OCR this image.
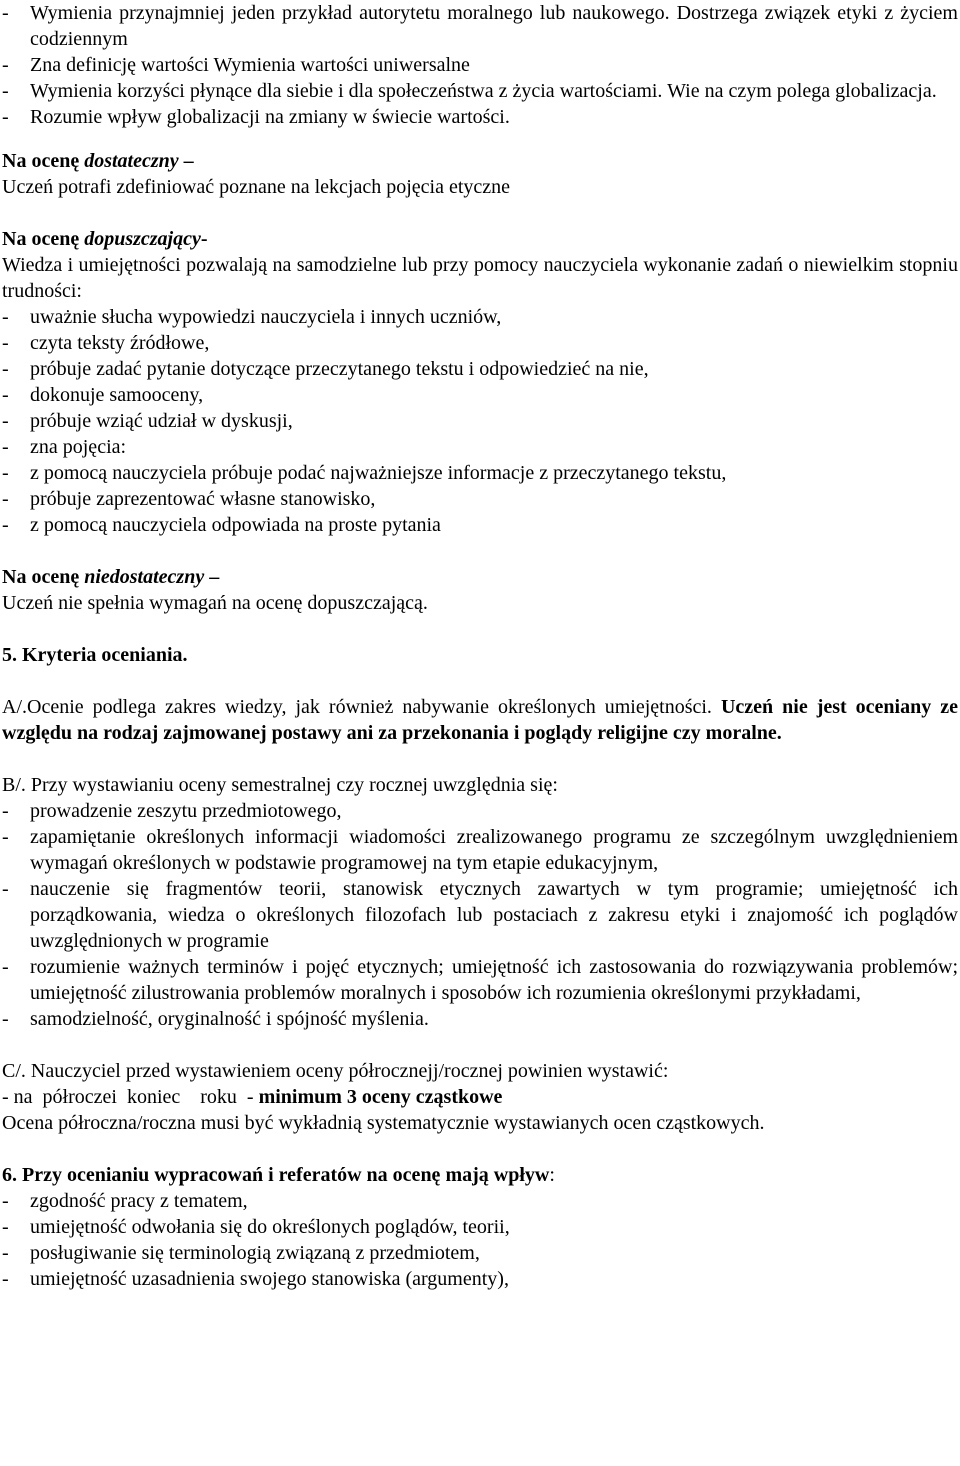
- Wymienia przynajmniej jeden przykład autorytetu moralnego lub naukowego. Dostrzega związek etyki z życiem codziennym
- Zna definicję wartości Wymienia wartości uniwersalne
- Wymienia korzyści płynące dla siebie i dla społeczeństwa z życia wartościami. Wie na czym polega globalizacja.
- Rozumie wpływ globalizacji na zmiany w świecie wartości.

Na ocenę dostateczny –

Uczeń potrafi zdefiniować poznane na lekcjach pojęcia etyczne

Na ocenę dopuszczający-

Wiedza i umiejętności pozwalają na samodzielne lub przy pomocy nauczyciela wykonanie zadań o niewielkim stopniu trudności:

- uważnie słucha wypowiedzi nauczyciela i innych uczniów,
- czyta teksty źródłowe,
- próbuje zadać pytanie dotyczące przeczytanego tekstu i odpowiedzieć na nie,
- dokonuje samooceny,
- próbuje wziąć udział w dyskusji,
- zna pojęcia:
- z pomocą nauczyciela próbuje podać najważniejsze informacje z przeczytanego tekstu,
- próbuje zaprezentować własne stanowisko,
- z pomocą nauczyciela odpowiada na proste pytania

Na ocenę niedostateczny –

Uczeń nie spełnia wymagań na ocenę dopuszczającą.

5. Kryteria oceniania.

A/.Ocenie podlega zakres wiedzy, jak również nabywanie określonych umiejętności. Uczeń nie jest oceniany ze względu na rodzaj zajmowanej postawy ani za przekonania i poglądy religijne czy moralne.

B/. Przy wystawianiu oceny semestralnej czy rocznej uwzględnia się:

- prowadzenie zeszytu przedmiotowego,
- zapamiętanie określonych informacji wiadomości zrealizowanego programu ze szczególnym uwzględnieniem wymagań określonych w podstawie programowej na tym etapie edukacyjnym,
- nauczenie się fragmentów teorii, stanowisk etycznych zawartych w tym programie; umiejętność ich porządkowania, wiedza o określonych filozofach lub postaciach z zakresu etyki i znajomość ich poglądów uwzględnionych w programie
- rozumienie ważnych terminów i pojęć etycznych; umiejętność ich zastosowania do rozwiązywania problemów; umiejętność zilustrowania problemów moralnych i sposobów ich rozumienia określonymi przykładami,
- samodzielność, oryginalność i spójność myślenia.

C/. Nauczyciel przed wystawieniem oceny półrocznejj/rocznej powinien wystawić:

- na  półroczei  koniec    roku  - minimum 3 oceny cząstkowe

Ocena półroczna/roczna musi być wykładnią systematycznie wystawianych ocen cząstkowych.

6. Przy ocenianiu wypracowań i referatów na ocenę mają wpływ:

- zgodność pracy z tematem,
- umiejętność odwołania się do określonych poglądów, teorii,
- posługiwanie się terminologią związaną z przedmiotem,
- umiejętność uzasadnienia swojego stanowiska (argumenty),
